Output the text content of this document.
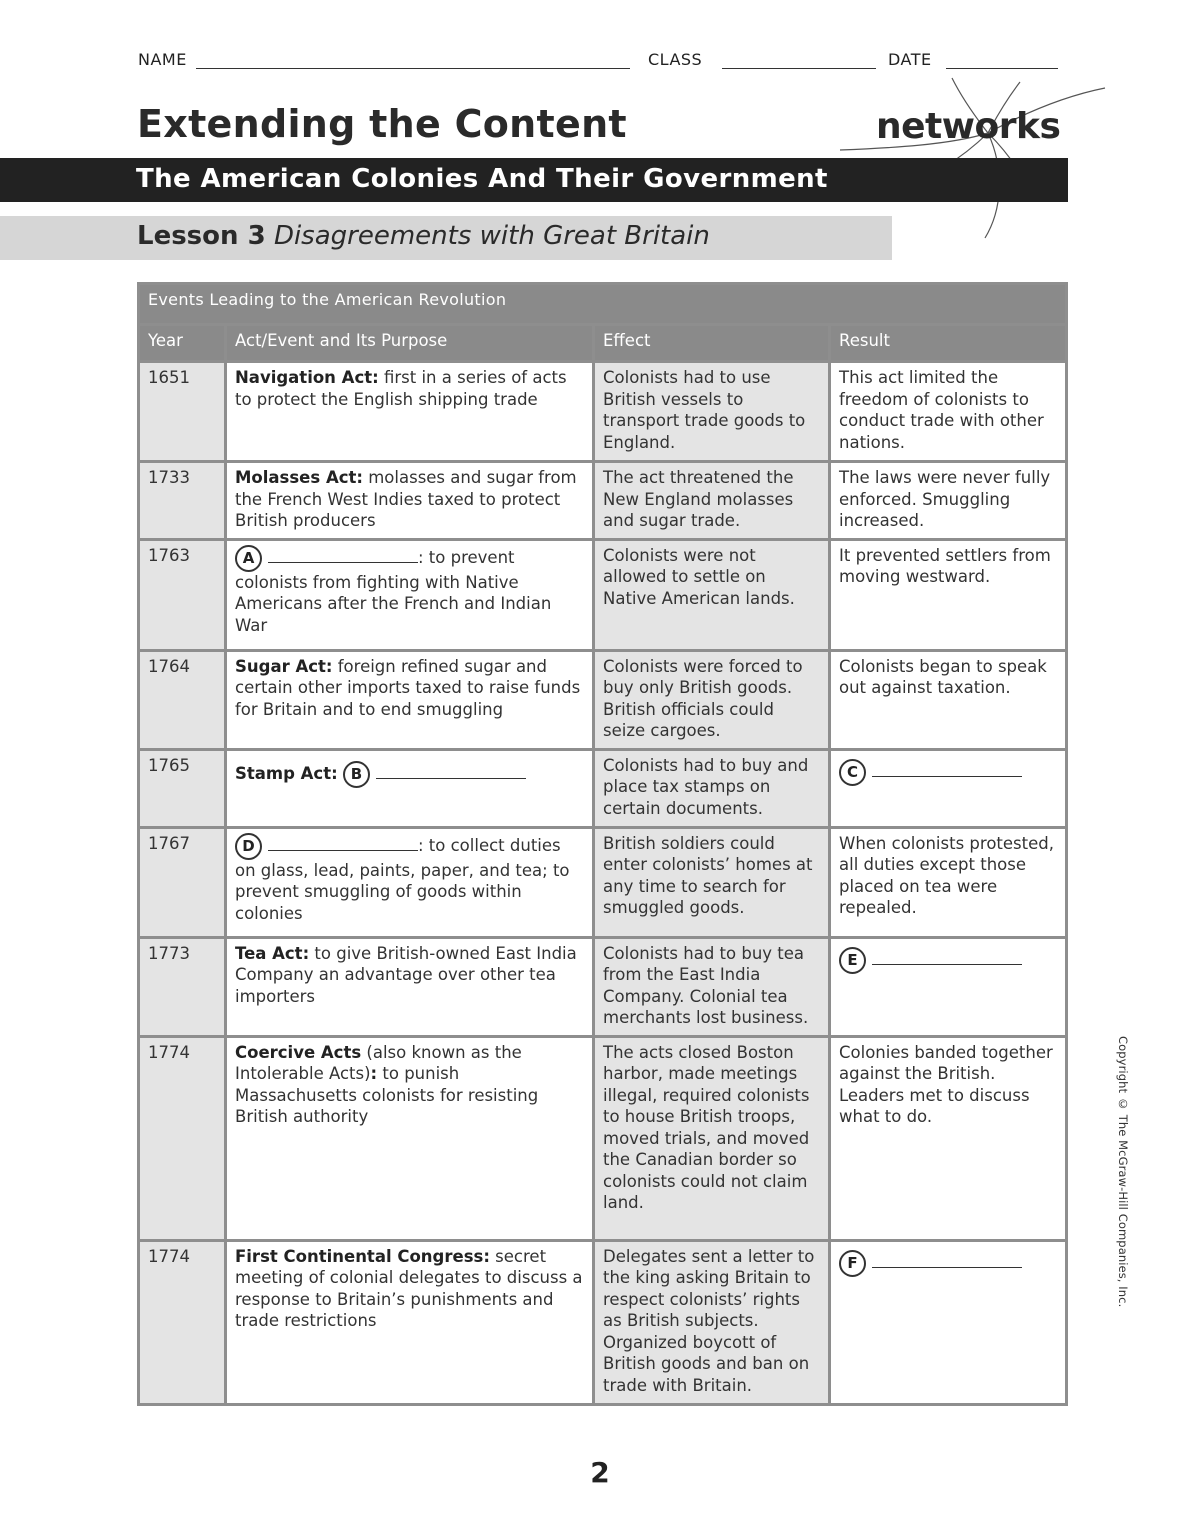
NAME	CLASS	DATE
Extending the Content	networks
The American Colonies And Their Government
Lesson 3 Disagreements with Great Britain
Events Leading to the American Revolution			
Year	Act/Event and Its Purpose	Effect	Result
1651	Navigation Act: first in a series of acts to protect the English shipping trade	Colonists had to use British vessels to transport trade goods to England.	This act limited the freedom of colonists to conduct trade with other nations.
1733	Molasses Act: molasses and sugar from the French West Indies taxed to protect British producers	The act threatened the New England molasses and sugar trade.	The laws were never fully enforced. Smuggling increased.
1763	A : to prevent colonists from fighting with Native Americans after the French and Indian War	Colonists were not allowed to settle on Native American lands.	It prevented settlers from moving westward.
1764	Sugar Act: foreign refined sugar and certain other imports taxed to raise funds for Britain and to end smuggling	Colonists were forced to buy only British goods. British officials could seize cargoes.	Colonists began to speak out against taxation.
1765	Stamp Act: B	Colonists had to buy and place tax stamps on certain documents.	C
1767	D : to collect duties on glass, lead, paints, paper, and tea; to prevent smuggling of goods within colonies	British soldiers could enter colonists’ homes at any time to search for smuggled goods.	When colonists protested, all duties except those placed on tea were repealed.
1773	Tea Act: to give British-owned East India Company an advantage over other tea importers	Colonists had to buy tea from the East India Company. Colonial tea merchants lost business.	E
1774	Coercive Acts (also known as the Intolerable Acts): to punish Massachusetts colonists for resisting British authority	The acts closed Boston harbor, made meetings illegal, required colonists to house British troops, moved trials, and moved the Canadian border so colonists could not claim land.	Colonies banded together against the British. Leaders met to discuss what to do.
1774	First Continental Congress: secret meeting of colonial delegates to discuss a response to Britain’s punishments and trade restrictions	Delegates sent a letter to the king asking Britain to respect colonists’ rights as British subjects. Organized boycott of British goods and ban on trade with Britain.	F	Copyright © The McGraw-Hill Companies, Inc.

2
